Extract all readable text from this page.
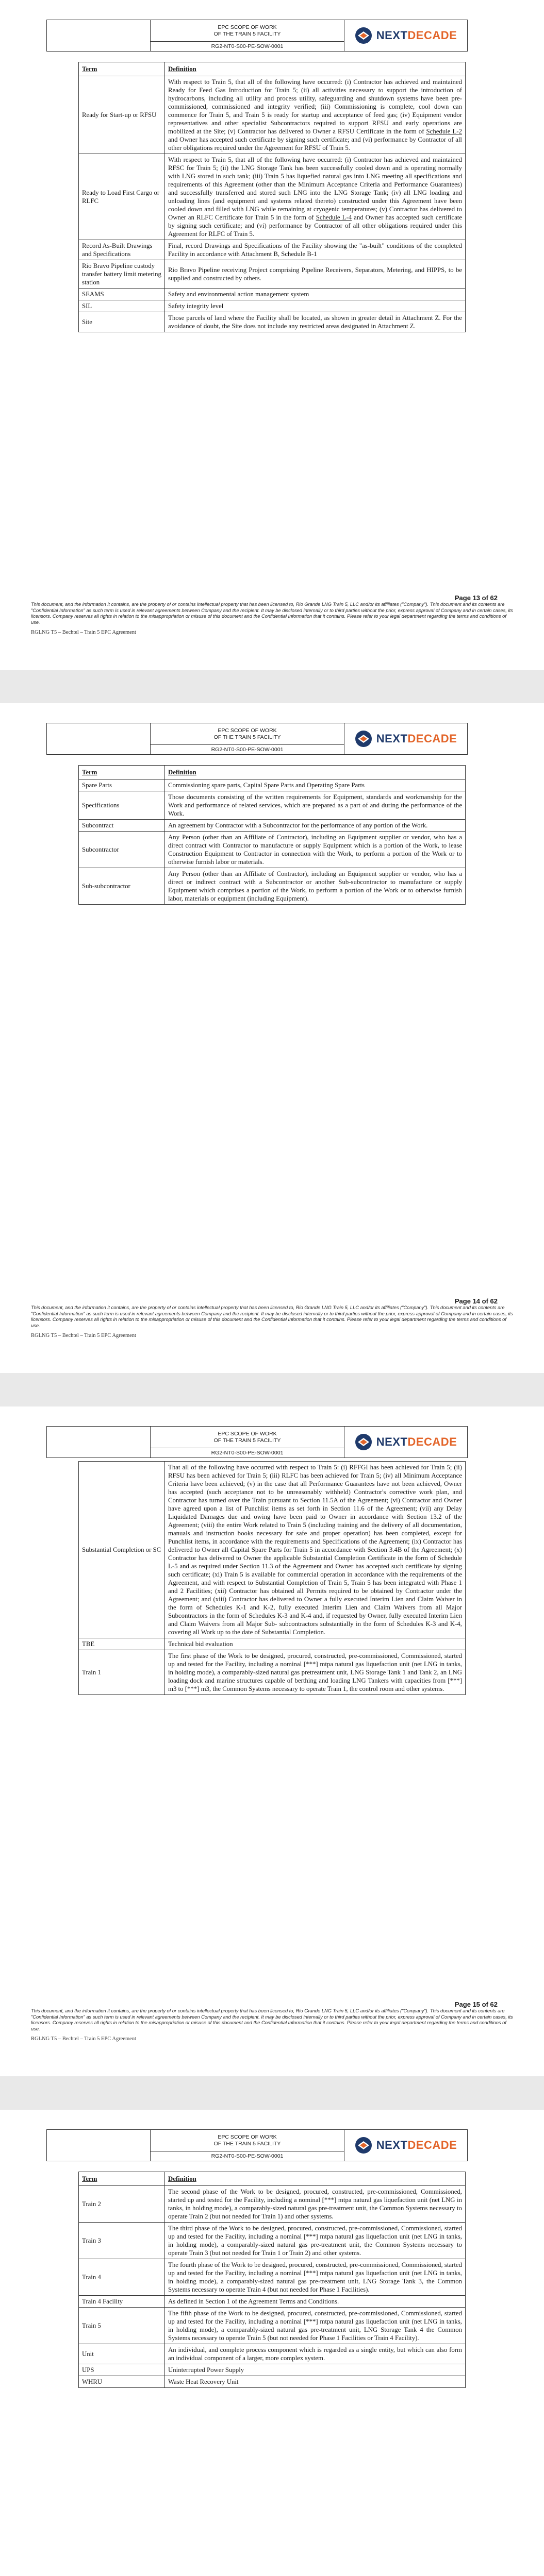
EPC SCOPE OF WORK
OF THE TRAIN 5 FACILITY
RG2-NT0-S00-PE-SOW-0001
NEXTDECADE
Term	Definition
Ready for Start-up or RFSU	With respect to Train 5, that all of the following have occurred: (i) Contractor has achieved and maintained Ready for Feed Gas Introduction for Train 5; (ii) all activities necessary to support the introduction of hydrocarbons, including all utility and process utility, safeguarding and shutdown systems have been pre-commissioned, commissioned and integrity verified; (iii) Commissioning is complete, cool down can commence for Train 5, and Train 5 is ready for startup and acceptance of feed gas; (iv) Equipment vendor representatives and other specialist Subcontractors required to support RFSU and early operations are mobilized at the Site; (v) Contractor has delivered to Owner a RFSU Certificate in the form of Schedule L-2 and Owner has accepted such certificate by signing such certificate; and (vi) performance by Contractor of all other obligations required under the Agreement for RFSU of Train 5.
Ready to Load First Cargo or RLFC	With respect to Train 5, that all of the following have occurred: (i) Contractor has achieved and maintained RFSC for Train 5; (ii) the LNG Storage Tank has been successfully cooled down and is operating normally with LNG stored in such tank; (iii) Train 5 has liquefied natural gas into LNG meeting all specifications and requirements of this Agreement (other than the Minimum Acceptance Criteria and Performance Guarantees) and successfully transferred and stored such LNG into the LNG Storage Tank; (iv) all LNG loading and unloading lines (and equipment and systems related thereto) constructed under this Agreement have been cooled down and filled with LNG while remaining at cryogenic temperatures; (v) Contractor has delivered to Owner an RLFC Certificate for Train 5 in the form of Schedule L-4 and Owner has accepted such certificate by signing such certificate; and (vi) performance by Contractor of all other obligations required under this Agreement for RLFC of Train 5.
Record As-Built Drawings and Specifications	Final, record Drawings and Specifications of the Facility showing the "as-built" conditions of the completed Facility in accordance with Attachment B, Schedule B-1
Rio Bravo Pipeline custody transfer battery limit metering station	Rio Bravo Pipeline receiving Project comprising Pipeline Receivers, Separators, Metering, and HIPPS, to be supplied and constructed by others.
SEAMS	Safety and environmental action management system
SIL	Safety integrity level
Site	Those parcels of land where the Facility shall be located, as shown in greater detail in Attachment Z. For the avoidance of doubt, the Site does not include any restricted areas designated in Attachment Z.
Page 13 of 62
This document, and the information it contains, are the property of or contains intellectual property that has been licensed to, Rio Grande LNG Train 5, LLC and/or its affiliates ("Company"). This document and its contents are "Confidential Information" as such term is used in relevant agreements between Company and the recipient. It may be disclosed internally or to third parties without the prior, express approval of Company and in certain cases, its licensors. Company reserves all rights in relation to the misappropriation or misuse of this document and the Confidential Information that it contains. Please refer to your legal department regarding the terms and conditions of use.
RGLNG T5 – Bechtel – Train 5 EPC Agreement
EPC SCOPE OF WORK
OF THE TRAIN 5 FACILITY
RG2-NT0-S00-PE-SOW-0001
NEXTDECADE
Term	Definition
Spare Parts	Commissioning spare parts, Capital Spare Parts and Operating Spare Parts
Specifications	Those documents consisting of the written requirements for Equipment, standards and workmanship for the Work and performance of related services, which are prepared as a part of and during the performance of the Work.
Subcontract	An agreement by Contractor with a Subcontractor for the performance of any portion of the Work.
Subcontractor	Any Person (other than an Affiliate of Contractor), including an Equipment supplier or vendor, who has a direct contract with Contractor to manufacture or supply Equipment which is a portion of the Work, to lease Construction Equipment to Contractor in connection with the Work, to perform a portion of the Work or to otherwise furnish labor or materials.
Sub-subcontractor	Any Person (other than an Affiliate of Contractor), including an Equipment supplier or vendor, who has a direct or indirect contract with a Subcontractor or another Sub-subcontractor to manufacture or supply Equipment which comprises a portion of the Work, to perform a portion of the Work or to otherwise furnish labor, materials or equipment (including Equipment).
Page 14 of 62
This document, and the information it contains, are the property of or contains intellectual property that has been licensed to, Rio Grande LNG Train 5, LLC and/or its affiliates ("Company"). This document and its contents are "Confidential Information" as such term is used in relevant agreements between Company and the recipient. It may be disclosed internally or to third parties without the prior, express approval of Company and in certain cases, its licensors. Company reserves all rights in relation to the misappropriation or misuse of this document and the Confidential Information that it contains. Please refer to your legal department regarding the terms and conditions of use.
RGLNG T5 – Bechtel – Train 5 EPC Agreement
EPC SCOPE OF WORK
OF THE TRAIN 5 FACILITY
RG2-NT0-S00-PE-SOW-0001
NEXTDECADE
Substantial Completion or SC	That all of the following have occurred with respect to Train 5: (i) RFFGI has been achieved for Train 5; (ii) RFSU has been achieved for Train 5; (iii) RLFC has been achieved for Train 5; (iv) all Minimum Acceptance Criteria have been achieved; (v) in the case that all Performance Guarantees have not been achieved, Owner has accepted (such acceptance not to be unreasonably withheld) Contractor's corrective work plan, and Contractor has turned over the Train pursuant to Section 11.5A of the Agreement; (vi) Contractor and Owner have agreed upon a list of Punchlist items as set forth in Section 11.6 of the Agreement; (vii) any Delay Liquidated Damages due and owing have been paid to Owner in accordance with Section 13.2 of the Agreement; (viii) the entire Work related to Train 5 (including training and the delivery of all documentation, manuals and instruction books necessary for safe and proper operation) has been completed, except for Punchlist items, in accordance with the requirements and Specifications of the Agreement; (ix) Contractor has delivered to Owner all Capital Spare Parts for Train 5 in accordance with Section 3.4B of the Agreement; (x) Contractor has delivered to Owner the applicable Substantial Completion Certificate in the form of Schedule L-5 and as required under Section 11.3 of the Agreement and Owner has accepted such certificate by signing such certificate; (xi) Train 5 is available for commercial operation in accordance with the requirements of the Agreement, and with respect to Substantial Completion of Train 5, Train 5 has been integrated with Phase 1 and 2 Facilities; (xii) Contractor has obtained all Permits required to be obtained by Contractor under the Agreement; and (xiii) Contractor has delivered to Owner a fully executed Interim Lien and Claim Waiver in the form of Schedules K-1 and K-2, fully executed Interim Lien and Claim Waivers from all Major Subcontractors in the form of Schedules K-3 and K-4 and, if requested by Owner, fully executed Interim Lien and Claim Waivers from all Major Sub- subcontractors substantially in the form of Schedules K-3 and K-4, covering all Work up to the date of Substantial Completion.
TBE	Technical bid evaluation
Train 1	The first phase of the Work to be designed, procured, constructed, pre-commissioned, Commissioned, started up and tested for the Facility, including a nominal [***] mtpa natural gas liquefaction unit (net LNG in tanks, in holding mode), a comparably-sized natural gas pretreatment unit, LNG Storage Tank 1 and Tank 2, an LNG loading dock and marine structures capable of berthing and loading LNG Tankers with capacities from [***] m3 to [***] m3, the Common Systems necessary to operate Train 1, the control room and other systems.
Page 15 of 62
This document, and the information it contains, are the property of or contains intellectual property that has been licensed to, Rio Grande LNG Train 5, LLC and/or its affiliates ("Company"). This document and its contents are "Confidential Information" as such term is used in relevant agreements between Company and the recipient. It may be disclosed internally or to third parties without the prior, express approval of Company and in certain cases, its licensors. Company reserves all rights in relation to the misappropriation or misuse of this document and the Confidential Information that it contains. Please refer to your legal department regarding the terms and conditions of use.
RGLNG T5 – Bechtel – Train 5 EPC Agreement
EPC SCOPE OF WORK
OF THE TRAIN 5 FACILITY
RG2-NT0-S00-PE-SOW-0001
NEXTDECADE
Term	Definition
Train 2	The second phase of the Work to be designed, procured, constructed, pre-commissioned, Commissioned, started up and tested for the Facility, including a nominal [***] mtpa natural gas liquefaction unit (net LNG in tanks, in holding mode), a comparably-sized natural gas pre-treatment unit, the Common Systems necessary to operate Train 2 (but not needed for Train 1) and other systems.
Train 3	The third phase of the Work to be designed, procured, constructed, pre-commissioned, Commissioned, started up and tested for the Facility, including a nominal [***] mtpa natural gas liquefaction unit (net LNG in tanks, in holding mode), a comparably-sized natural gas pre-treatment unit, the Common Systems necessary to operate Train 3 (but not needed for Train 1 or Train 2) and other systems.
Train 4	The fourth phase of the Work to be designed, procured, constructed, pre-commissioned, Commissioned, started up and tested for the Facility, including a nominal [***] mtpa natural gas liquefaction unit (net LNG in tanks, in holding mode), a comparably-sized natural gas pre-treatment unit, LNG Storage Tank 3, the Common Systems necessary to operate Train 4 (but not needed for Phase 1 Facilities).
Train 4 Facility	As defined in Section 1 of the Agreement Terms and Conditions.
Train 5	The fifth phase of the Work to be designed, procured, constructed, pre-commissioned, Commissioned, started up and tested for the Facility, including a nominal [***] mtpa natural gas liquefaction unit (net LNG in tanks, in holding mode), a comparably-sized natural gas pre-treatment unit, LNG Storage Tank 4 the Common Systems necessary to operate Train 5 (but not needed for Phase 1 Facilities or Train 4 Facility).
Unit	An individual, and complete process component which is regarded as a single entity, but which can also form an individual component of a larger, more complex system.
UPS	Uninterrupted Power Supply
WHRU	Waste Heat Recovery Unit
